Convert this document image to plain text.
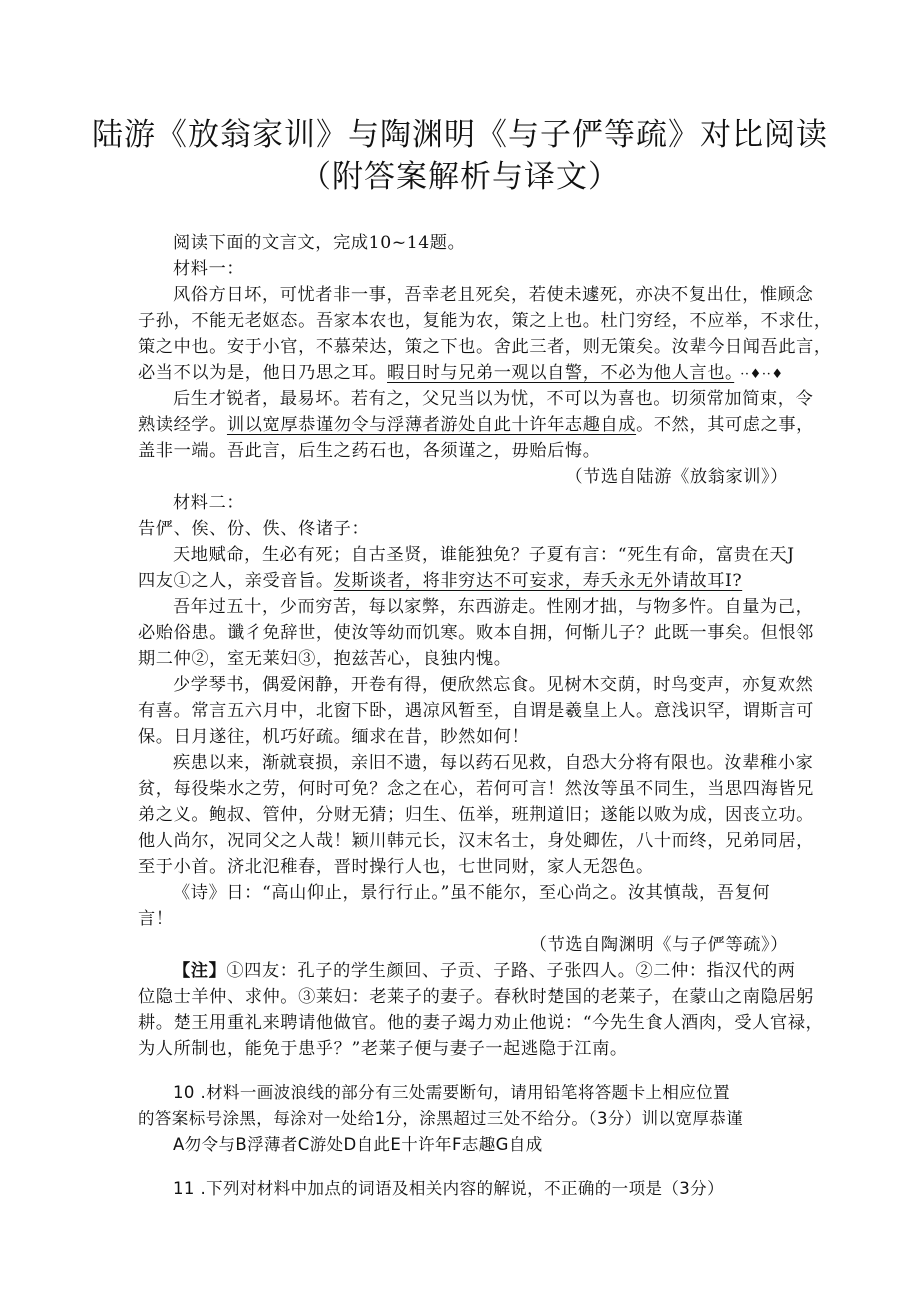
陆游《放翁家训》与陶渊明《与子俨等疏》对比阅读
（附答案解析与译文）
阅读下面的文言文，完成10~14题。
材料一：
风俗方日坏，可忧者非一事，吾幸老且死矣，若使未遽死，亦决不复出仕，惟顾念
子孙，不能无老妪态。吾家本农也，复能为农，策之上也。杜门穷经，不应举，不求仕，
策之中也。安于小官，不慕荣达，策之下也。舍此三者，则无策矣。汝辈今日闻吾此言，
必当不以为是，他日乃思之耳。暇日时与兄弟一观以自警，不必为他人言也。 ··♦··♦
后生才锐者，最易坏。若有之，父兄当以为忧，不可以为喜也。切须常加简束，令
熟读经学。训以宽厚恭谨勿令与浮薄者游处自此十许年志趣自成。不然，其可虑之事，
盖非一端。吾此言，后生之药石也，各须谨之，毋贻后悔。
（节选自陆游《放翁家训》）
材料二：
告俨、俟、份、佚、佟诸子：
天地赋命，生必有死；自古圣贤，谁能独免？子夏有言：“死生有命，富贵在天J
四友①之人，亲受音旨。发斯谈者，将非穷达不可妄求，寿夭永无外请故耳I?
吾年过五十，少而穷苦，每以家弊，东西游走。性刚才拙，与物多忤。自量为己，
必贻俗患。谶彳免辞世，使汝等幼而饥寒。败本自拥，何惭儿子？此既一事矣。但恨邻
期二仲②，室无莱妇③，抱兹苦心，良独内愧。
少学琴书，偶爱闲静，开卷有得，便欣然忘食。见树木交荫，时鸟变声，亦复欢然
有喜。常言五六月中，北窗下卧，遇凉风暂至，自谓是羲皇上人。意浅识罕，谓斯言可
保。日月遂往，机巧好疏。缅求在昔，眇然如何！
疾患以来，渐就衰损，亲旧不遗，每以药石见救，自恐大分将有限也。汝辈稚小家
贫，每役柴水之劳，何时可免？念之在心，若何可言！然汝等虽不同生，当思四海皆兄
弟之义。鲍叔、管仲，分财无猜；归生、伍举，班荆道旧；遂能以败为成，因丧立功。
他人尚尔，况同父之人哉！颖川韩元长，汉末名士，身处卿佐，八十而终，兄弟同居，
至于小首。济北氾稚春，晋时操行人也，七世同财，家人无怨色。
《诗》日：“高山仰止，景行行止。”虽不能尔，至心尚之。汝其慎哉，吾复何
言！
（节选自陶渊明《与子俨等疏》）
【注】①四友：孔子的学生颜回、子贡、子路、子张四人。②二仲：指汉代的两
位隐士羊仲、求仲。③莱妇：老莱子的妻子。春秋时楚国的老莱子，在蒙山之南隐居躬
耕。楚王用重礼来聘请他做官。他的妻子竭力劝止他说：“今先生食人酒肉，受人官禄，
为人所制也，能免于患乎？”老莱子便与妻子一起逃隐于江南。
10 .材料一画波浪线的部分有三处需要断句，请用铅笔将答题卡上相应位置
的答案标号涂黑，每涂对一处给1分，涂黑超过三处不给分。（3分）训以宽厚恭谨
A勿令与B浮薄者C游处D自此E十许年F志趣G自成
11 .下列对材料中加点的词语及相关内容的解说，不正确的一项是（3分）
